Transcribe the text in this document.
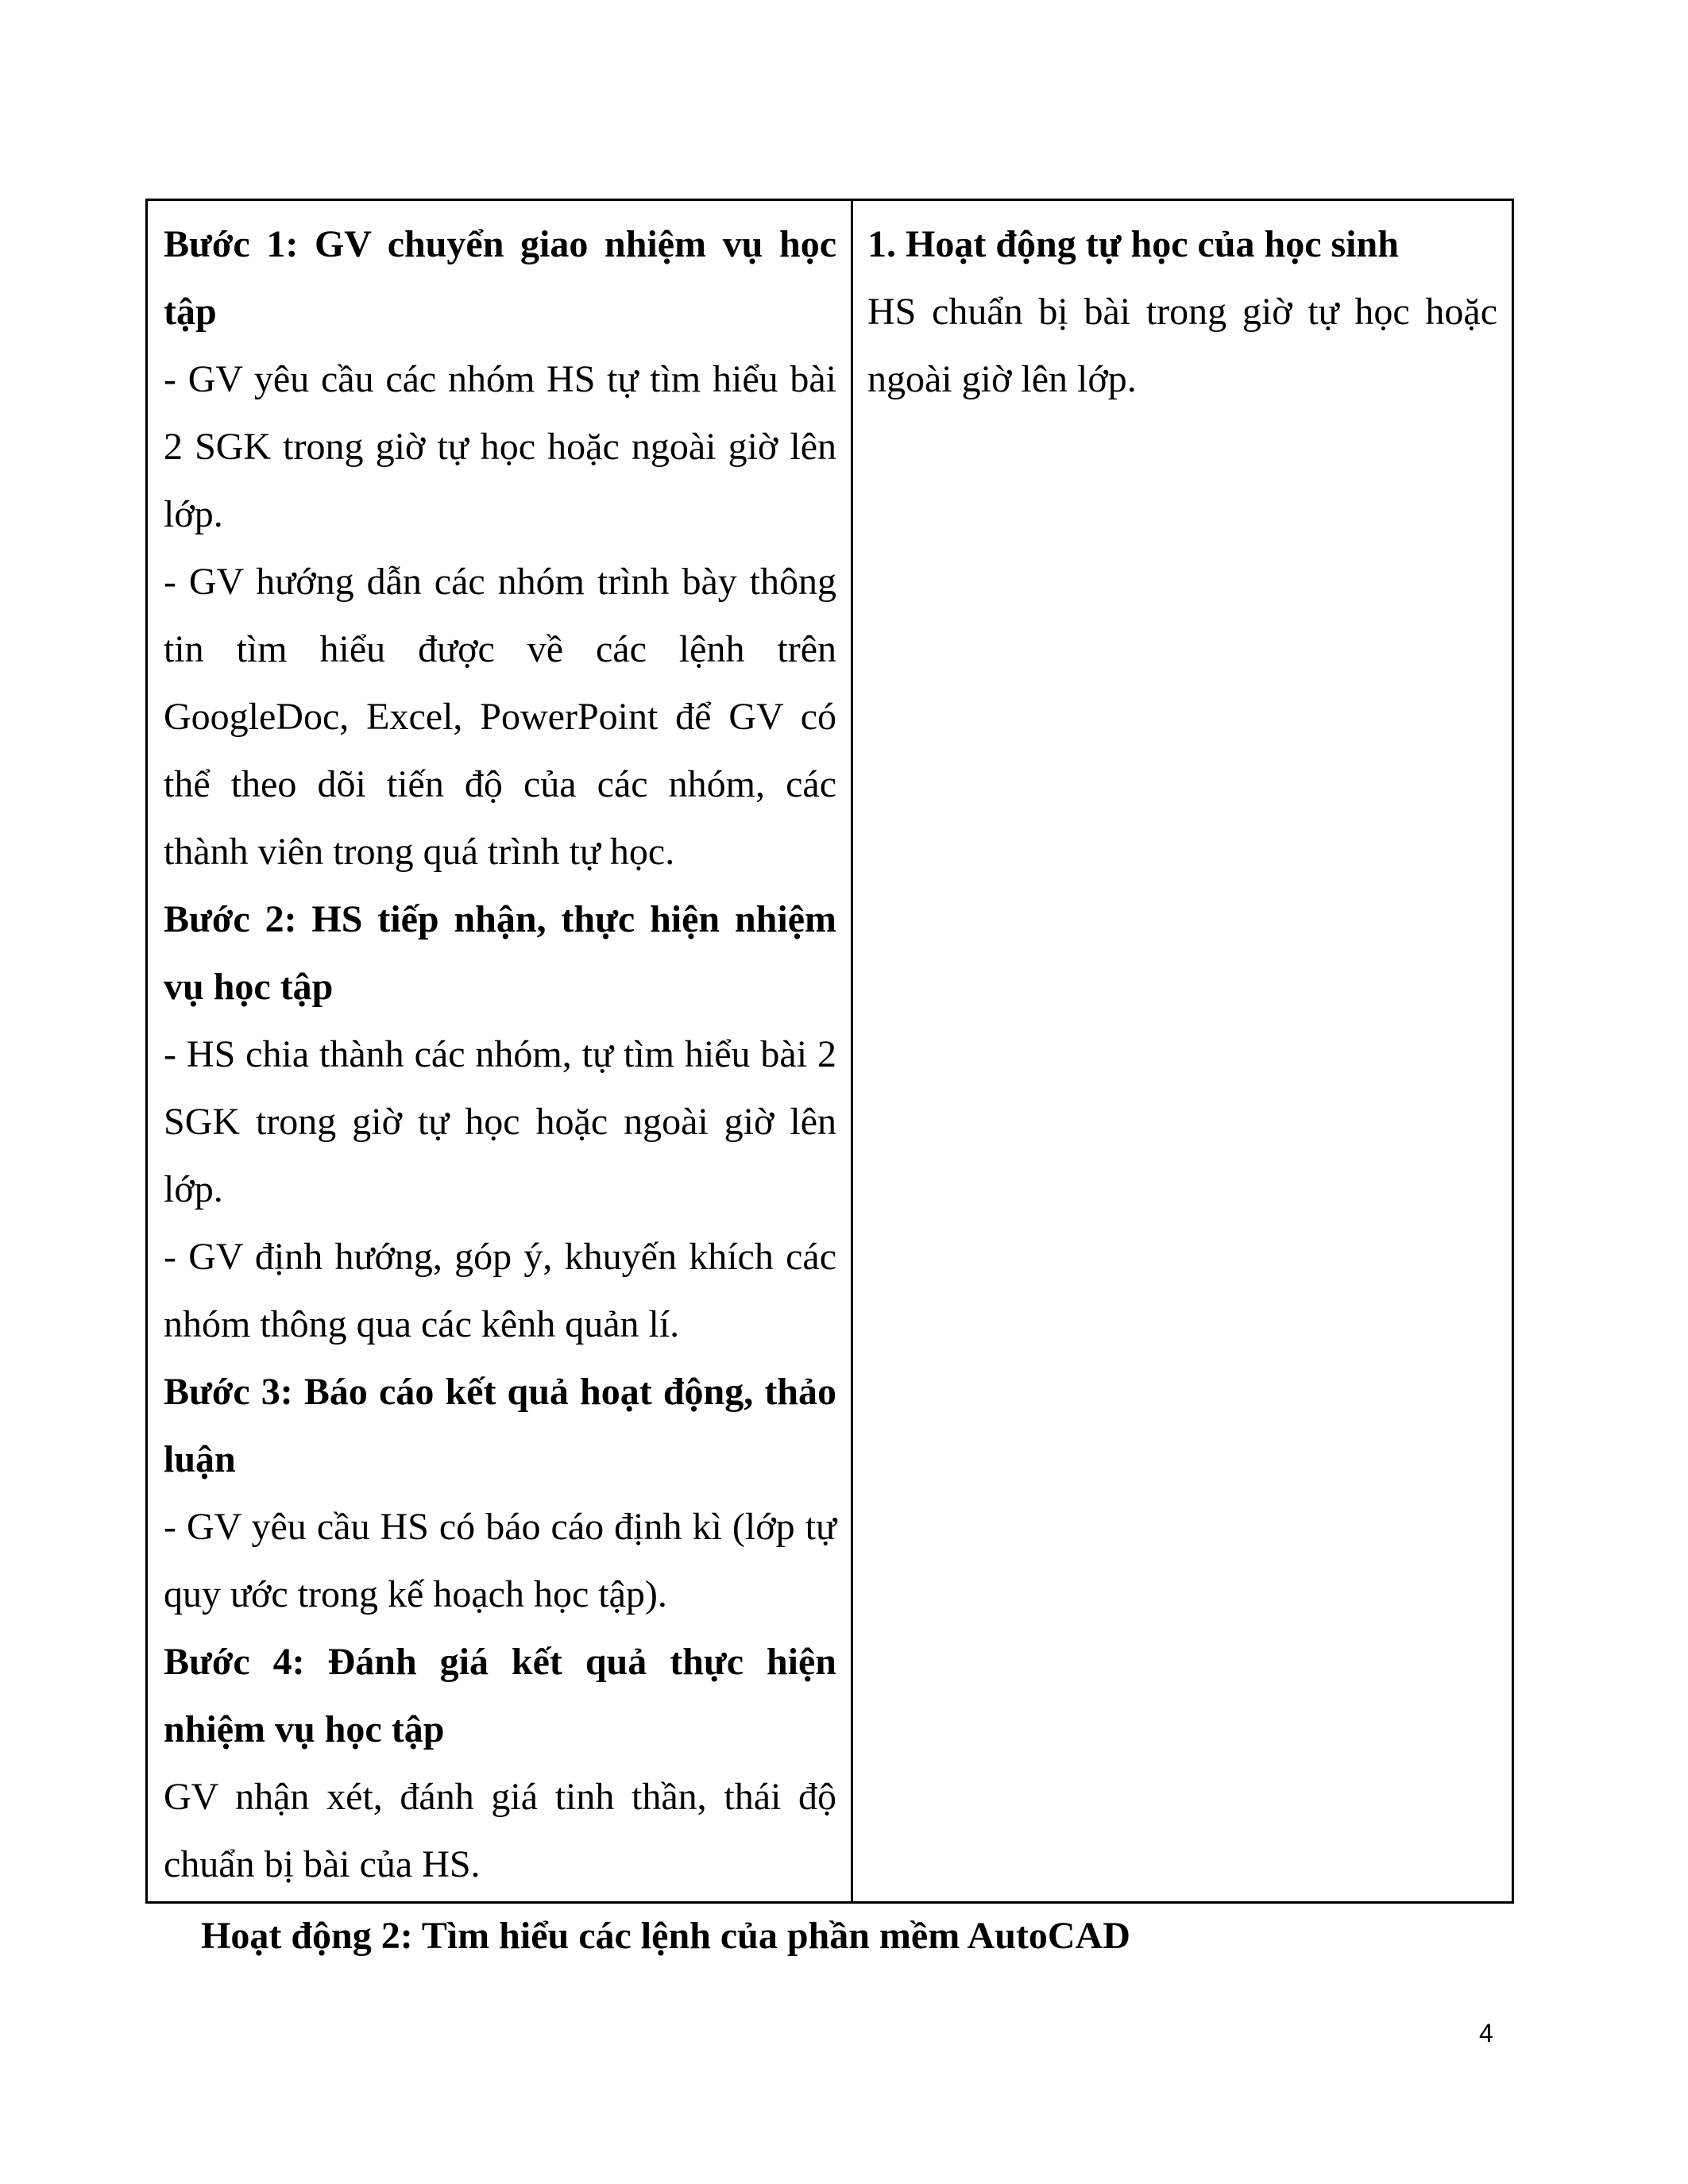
Bước 1: GV chuyển giao nhiệm vụ học tập

- GV yêu cầu các nhóm HS tự tìm hiểu bài 2 SGK trong giờ tự học hoặc ngoài giờ lên lớp.

- GV hướng dẫn các nhóm trình bày thông tin tìm hiểu được về các lệnh trên GoogleDoc, Excel, PowerPoint để GV có thể theo dõi tiến độ của các nhóm, các thành viên trong quá trình tự học.

Bước 2: HS tiếp nhận, thực hiện nhiệm vụ học tập

- HS chia thành các nhóm, tự tìm hiểu bài 2 SGK trong giờ tự học hoặc ngoài giờ lên lớp.

- GV định hướng, góp ý, khuyến khích các nhóm thông qua các kênh quản lí.

Bước 3: Báo cáo kết quả hoạt động, thảo luận

- GV yêu cầu HS có báo cáo định kì (lớp tự quy ước trong kế hoạch học tập).

Bước 4: Đánh giá kết quả thực hiện nhiệm vụ học tập

GV nhận xét, đánh giá tinh thần, thái độ chuẩn bị bài của HS.

1. Hoạt động tự học của học sinh

HS chuẩn bị bài trong giờ tự học hoặc ngoài giờ lên lớp.

Hoạt động 2: Tìm hiểu các lệnh của phần mềm AutoCAD
4
